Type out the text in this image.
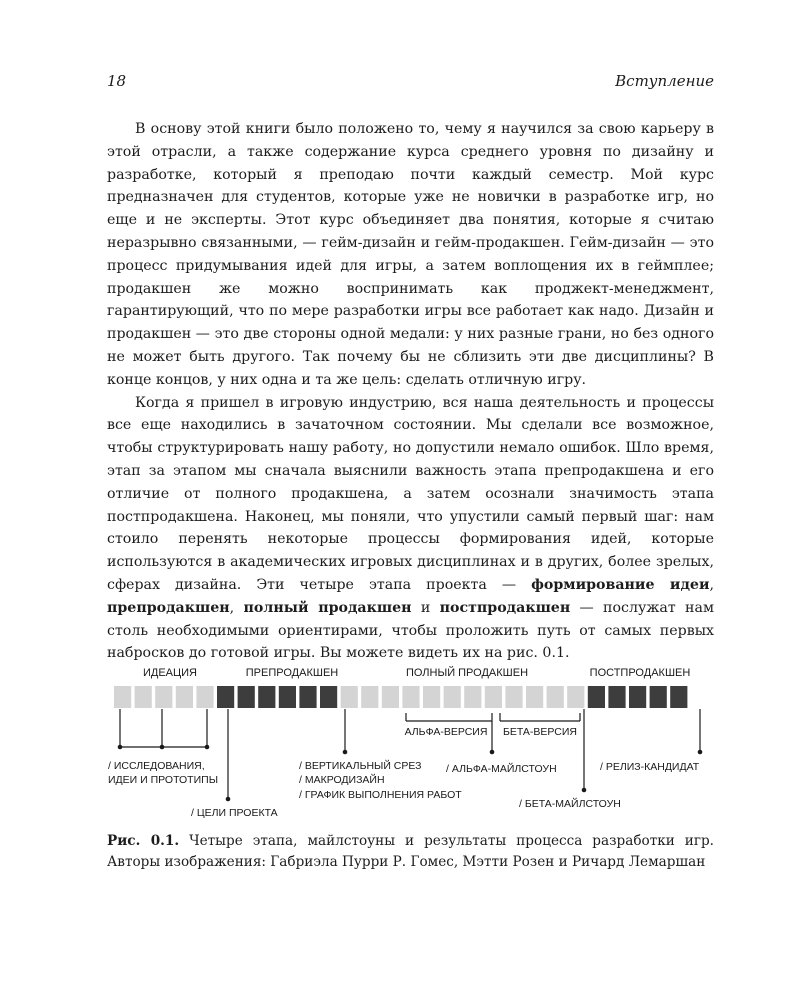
18	Вступление

В основу этой книги было положено то, чему я научился за свою карьеру в этой отрасли, а также содержание курса среднего уровня по дизайну и разработке, который я преподаю почти каждый семестр. Мой курс предназначен для студентов, которые уже не новички в разработке игр, но еще и не эксперты. Этот курс объединяет два понятия, которые я считаю неразрывно связанными, — гейм-дизайн и гейм-продакшен. Гейм-дизайн — это процесс придумывания идей для игры, а затем воплощения их в геймплее; продакшен же можно воспринимать как проджект-менеджмент, гарантирующий, что по мере разработки игры все работает как надо. Дизайн и продакшен — это две стороны одной медали: у них разные грани, но без одного не может быть другого. Так почему бы не сблизить эти две дисциплины? В конце концов, у них одна и та же цель: сделать отличную игру.

Когда я пришел в игровую индустрию, вся наша деятельность и процессы все еще находились в зачаточном состоянии. Мы сделали все возможное, чтобы структурировать нашу работу, но допустили немало ошибок. Шло время, этап за этапом мы сначала выяснили важность этапа препродакшена и его отличие от полного продакшена, а затем осознали значимость этапа постпродакшена. Наконец, мы поняли, что упустили самый первый шаг: нам стоило перенять некоторые процессы формирования идей, которые используются в академических игровых дисциплинах и в других, более зрелых, сферах дизайна. Эти четыре этапа проекта — формирование идеи, препродакшен, полный продакшен и постпродакшен — послужат нам столь необходимыми ориентирами, чтобы проложить путь от самых первых набросков до готовой игры. Вы можете видеть их на рис. 0.1.

ИДЕАЦИЯ	ПРЕПРОДАКШЕН	ПОЛНЫЙ ПРОДАКШЕН	ПОСТПРОДАКШЕН
АЛЬФА-ВЕРСИЯ БЕТА-ВЕРСИЯ
/ ИССЛЕДОВАНИЯ,
ИДЕИ И ПРОТОТИПЫ
/ ЦЕЛИ ПРОЕКТА
/ ВЕРТИКАЛЬНЫЙ СРЕЗ
/ МАКРОДИЗАЙН
/ ГРАФИК ВЫПОЛНЕНИЯ РАБОТ
/ АЛЬФА-МАЙЛСТОУН
/ БЕТА-МАЙЛСТОУН
/ РЕЛИЗ-КАНДИДАТ
Рис. 0.1. Четыре этапа, майлстоуны и результаты процесса разработки игр. Авторы изображения: Габриэла Пурри Р. Гомес, Мэтти Розен и Ричард Лемаршан
